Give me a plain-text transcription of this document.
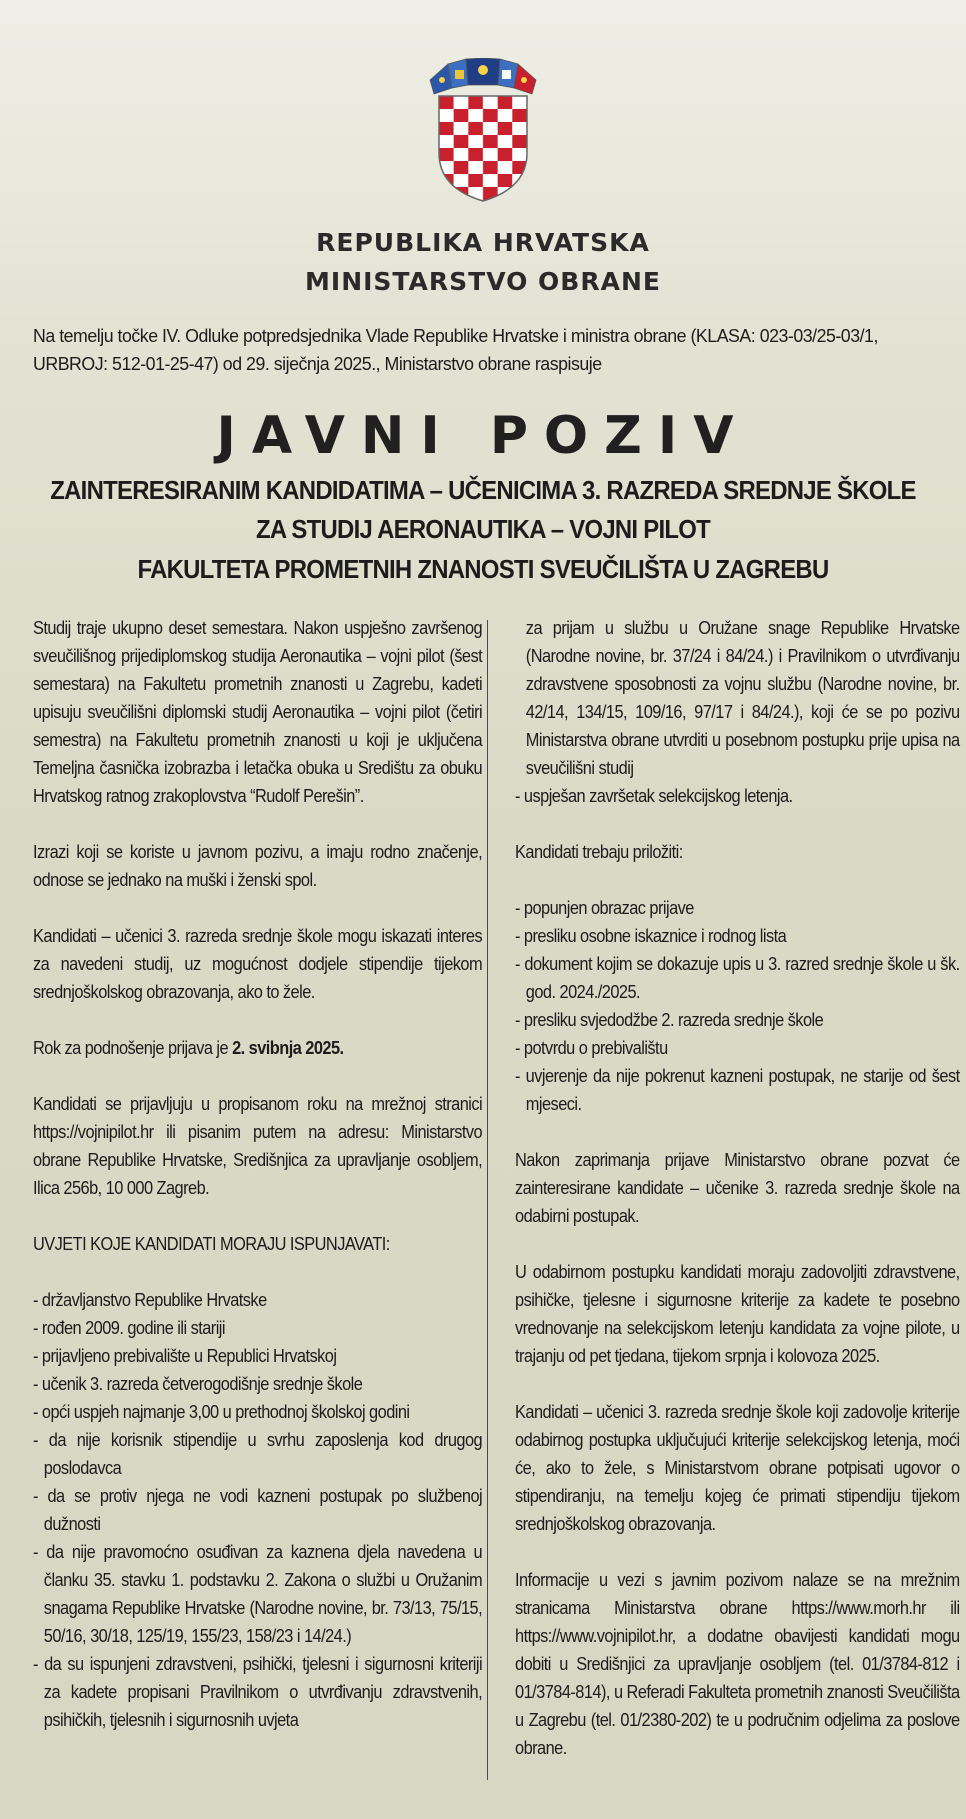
REPUBLIKA HRVATSKA
MINISTARSTVO OBRANE
Na temelju točke IV. Odluke potpredsjednika Vlade Republike Hrvatske i ministra obrane (KLASA: 023-03/25-03/1, URBROJ: 512-01-25-47) od 29. siječnja 2025., Ministarstvo obrane raspisuje
JAVNI POZIV
ZAINTERESIRANIM KANDIDATIMA – UČENICIMA 3. RAZREDA SREDNJE ŠKOLE
ZA STUDIJ AERONAUTIKA – VOJNI PILOT
FAKULTETA PROMETNIH ZNANOSTI SVEUČILIŠTA U ZAGREBU

Studij traje ukupno deset semestara. Nakon uspješno završenog sveučilišnog prijediplomskog studija Aeronautika – vojni pilot (šest semestara) na Fakultetu prometnih znanosti u Zagrebu, kadeti upisuju sveučilišni diplomski studij Aeronautika – vojni pilot (četiri semestra) na Fakultetu prometnih znanosti u koji je uključena Temeljna časnička izobrazba i letačka obuka u Središtu za obuku Hrvatskog ratnog zrakoplovstva “Rudolf Perešin”.

Izrazi koji se koriste u javnom pozivu, a imaju rodno značenje, odnose se jednako na muški i ženski spol.

Kandidati – učenici 3. razreda srednje škole mogu iskazati interes za navedeni studij, uz mogućnost dodjele stipendije tijekom srednjoškolskog obrazovanja, ako to žele.

Rok za podnošenje prijava je 2. svibnja 2025.

Kandidati se prijavljuju u propisanom roku na mrežnoj stranici https://vojnipilot.hr ili pisanim putem na adresu: Ministarstvo obrane Republike Hrvatske, Središnjica za upravljanje osobljem, Ilica 256b, 10 000 Zagreb.

UVJETI KOJE KANDIDATI MORAJU ISPUNJAVATI:

- državljanstvo Republike Hrvatske
- rođen 2009. godine ili stariji
- prijavljeno prebivalište u Republici Hrvatskoj
- učenik 3. razreda četverogodišnje srednje škole
- opći uspjeh najmanje 3,00 u prethodnoj školskoj godini
- da nije korisnik stipendije u svrhu zaposlenja kod drugog poslodavca
- da se protiv njega ne vodi kazneni postupak po službenoj dužnosti
- da nije pravomoćno osuđivan za kaznena djela navedena u članku 35. stavku 1. podstavku 2. Zakona o službi u Oružanim snagama Republike Hrvatske (Narodne novine, br. 73/13, 75/15, 50/16, 30/18, 125/19, 155/23, 158/23 i 14/24.)
- da su ispunjeni zdravstveni, psihički, tjelesni i sigurnosni kriteriji za kadete propisani Pravilnikom o utvrđivanju zdravstvenih, psihičkih, tjelesnih i sigurnosnih uvjeta
za prijam u službu u Oružane snage Republike Hrvatske (Narodne novine, br. 37/24 i 84/24.) i Pravilnikom o utvrđivanju zdravstvene sposobnosti za vojnu službu (Narodne novine, br. 42/14, 134/15, 109/16, 97/17 i 84/24.), koji će se po pozivu Ministarstva obrane utvrditi u posebnom postupku prije upisa na sveučilišni studij
- uspješan završetak selekcijskog letenja.

Kandidati trebaju priložiti:

- popunjen obrazac prijave
- presliku osobne iskaznice i rodnog lista
- dokument kojim se dokazuje upis u 3. razred srednje škole u šk. god. 2024./2025.
- presliku svjedodžbe 2. razreda srednje škole
- potvrdu o prebivalištu
- uvjerenje da nije pokrenut kazneni postupak, ne starije od šest mjeseci.

Nakon zaprimanja prijave Ministarstvo obrane pozvat će zainteresirane kandidate – učenike 3. razreda srednje škole na odabirni postupak.

U odabirnom postupku kandidati moraju zadovoljiti zdravstvene, psihičke, tjelesne i sigurnosne kriterije za kadete te posebno vrednovanje na selekcijskom letenju kandidata za vojne pilote, u trajanju od pet tjedana, tijekom srpnja i kolovoza 2025.

Kandidati – učenici 3. razreda srednje škole koji zadovolje kriterije odabirnog postupka uključujući kriterije selekcijskog letenja, moći će, ako to žele, s Ministarstvom obrane potpisati ugovor o stipendiranju, na temelju kojeg će primati stipendiju tijekom srednjoškolskog obrazovanja.

Informacije u vezi s javnim pozivom nalaze se na mrežnim stranicama Ministarstva obrane https://www.morh.hr ili https://www.vojnipilot.hr, a dodatne obavijesti kandidati mogu dobiti u Središnjici za upravljanje osobljem (tel. 01/3784-812 i 01/3784-814), u Referadi Fakulteta prometnih znanosti Sveučilišta u Zagrebu (tel. 01/2380-202) te u područnim odjelima za poslove obrane.
